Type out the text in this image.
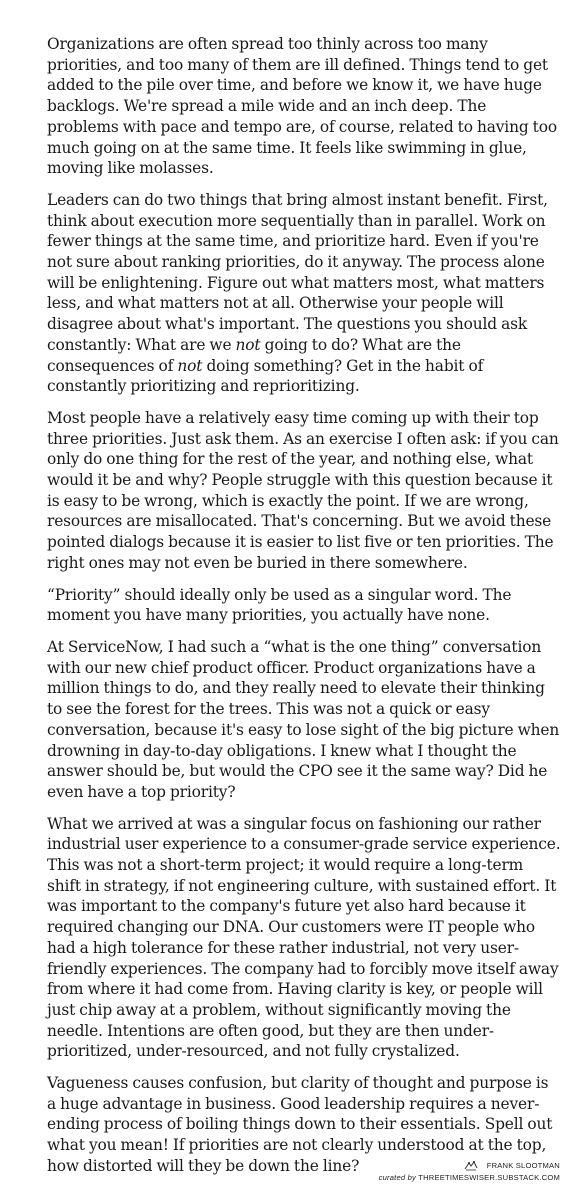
Organizations are often spread too thinly across too many priorities, and too many of them are ill defined. Things tend to get added to the pile over time, and before we know it, we have huge backlogs. We're spread a mile wide and an inch deep. The problems with pace and tempo are, of course, related to having too much going on at the same time. It feels like swimming in glue, moving like molasses.

Leaders can do two things that bring almost instant benefit. First, think about execution more sequentially than in parallel. Work on fewer things at the same time, and prioritize hard. Even if you're not sure about ranking priorities, do it anyway. The process alone will be enlightening. Figure out what matters most, what matters less, and what matters not at all. Otherwise your people will disagree about what's important. The questions you should ask constantly: What are we not going to do? What are the consequences of not doing something? Get in the habit of constantly prioritizing and reprioritizing.

Most people have a relatively easy time coming up with their top three priorities. Just ask them. As an exercise I often ask: if you can only do one thing for the rest of the year, and nothing else, what would it be and why? People struggle with this question because it is easy to be wrong, which is exactly the point. If we are wrong, resources are misallocated. That's concerning. But we avoid these pointed dialogs because it is easier to list five or ten priorities. The right ones may not even be buried in there somewhere.

“Priority” should ideally only be used as a singular word. The moment you have many priorities, you actually have none.

At ServiceNow, I had such a “what is the one thing” conversation with our new chief product officer. Product organizations have a million things to do, and they really need to elevate their thinking to see the forest for the trees. This was not a quick or easy conversation, because it's easy to lose sight of the big picture when drowning in day-to-day obligations. I knew what I thought the answer should be, but would the CPO see it the same way? Did he even have a top priority?

What we arrived at was a singular focus on fashioning our rather industrial user experience to a consumer-grade service experience. This was not a short-term project; it would require a long-term shift in strategy, if not engineering culture, with sustained effort. It was important to the company's future yet also hard because it required changing our DNA. Our customers were IT people who had a high tolerance for these rather industrial, not very user-friendly experiences. The company had to forcibly move itself away from where it had come from. Having clarity is key, or people will just chip away at a problem, without significantly moving the needle. Intentions are often good, but they are then under-prioritized, under-resourced, and not fully crystalized.

Vagueness causes confusion, but clarity of thought and purpose is a huge advantage in business. Good leadership requires a never-ending process of boiling things down to their essentials. Spell out what you mean! If priorities are not clearly understood at the top, how distorted will they be down the line?	FRANK SLOOTMAN
curated by THREETIMESWISER.SUBSTACK.COM
